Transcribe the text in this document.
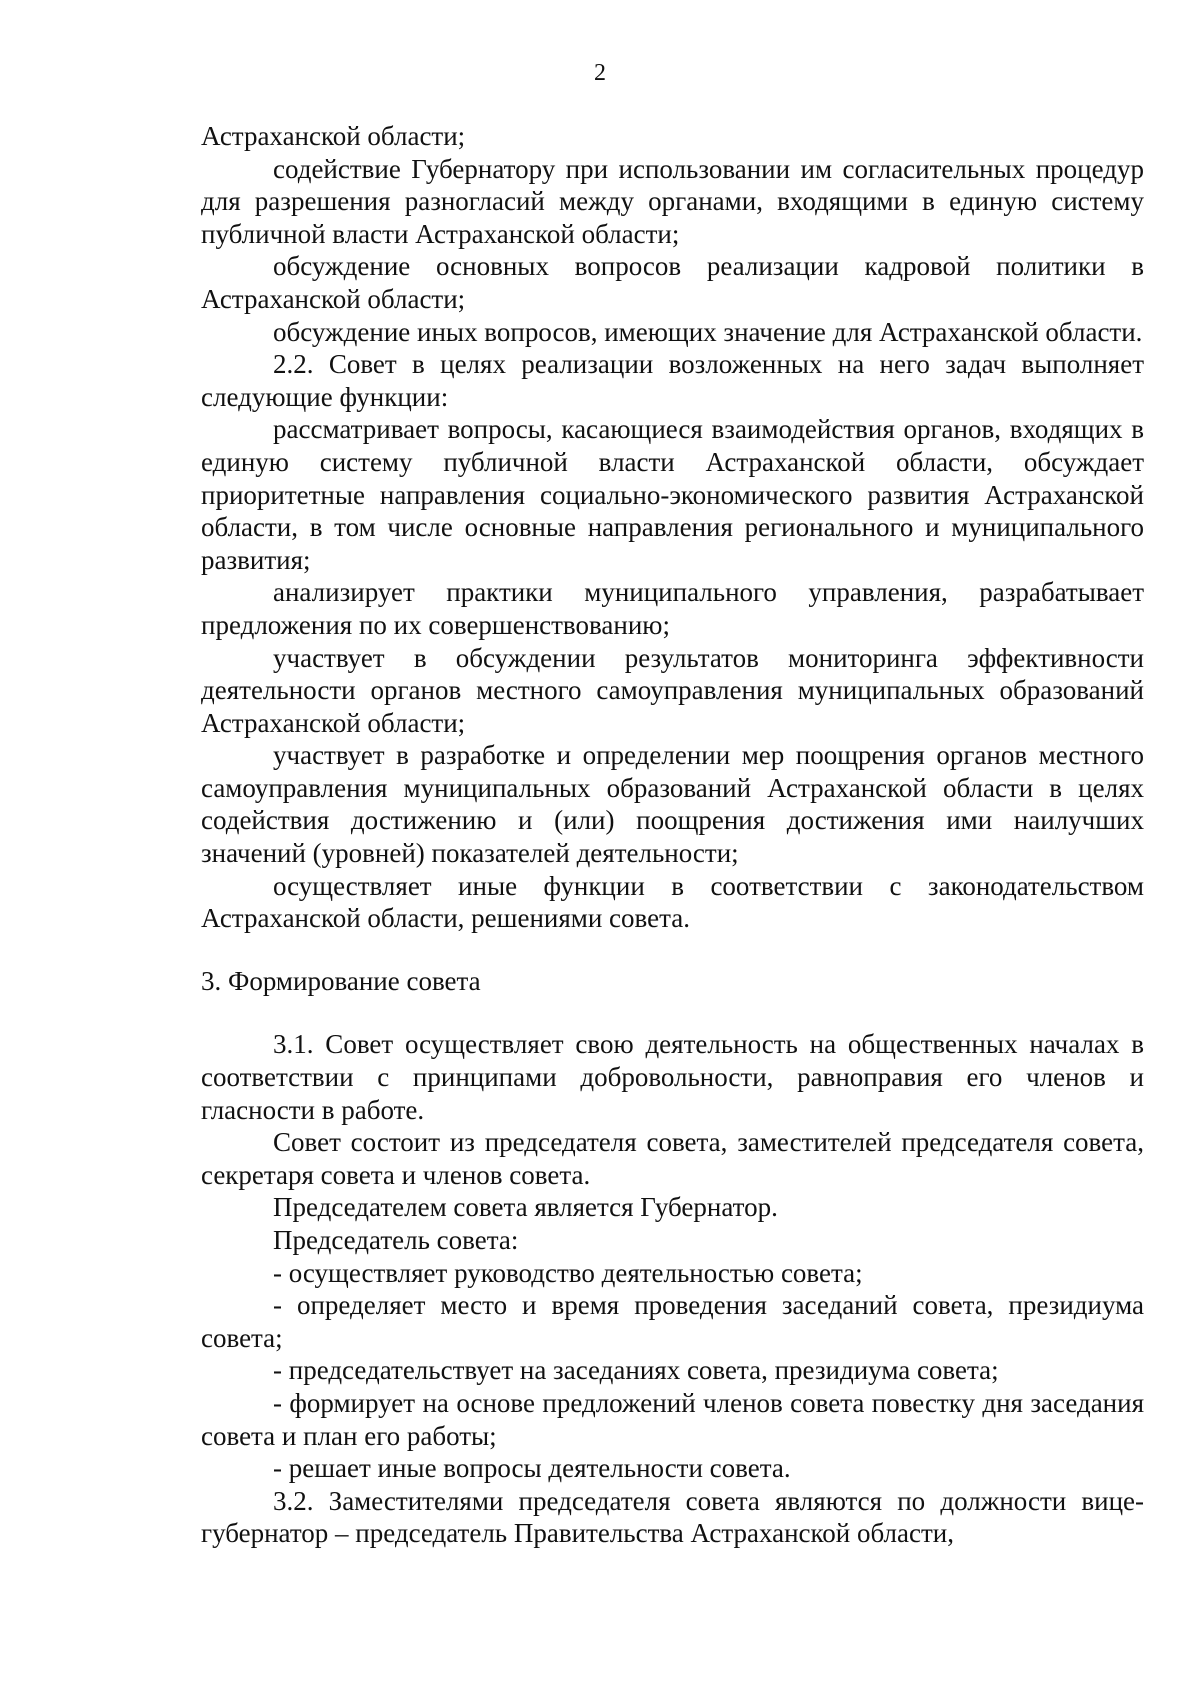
2

Астраханской области;

содействие Губернатору при использовании им согласительных процедур для разрешения разногласий между органами, входящими в единую систему публичной власти Астраханской области;

обсуждение основных вопросов реализации кадровой политики в Астраханской области;

обсуждение иных вопросов, имеющих значение для Астраханской области.

2.2. Совет в целях реализации возложенных на него задач выполняет следующие функции:

рассматривает вопросы, касающиеся взаимодействия органов, входящих в единую систему публичной власти Астраханской области, обсуждает приоритетные направления социально-экономического развития Астраханской области, в том числе основные направления регионального и муниципального развития;

анализирует практики муниципального управления, разрабатывает предложения по их совершенствованию;

участвует в обсуждении результатов мониторинга эффективности деятельности органов местного самоуправления муниципальных образований Астраханской области;

участвует в разработке и определении мер поощрения органов местного самоуправления муниципальных образований Астраханской области в целях содействия достижению и (или) поощрения достижения ими наилучших значений (уровней) показателей деятельности;

осуществляет иные функции в соответствии с законодательством Астраханской области, решениями совета.

3. Формирование совета

3.1. Совет осуществляет свою деятельность на общественных началах в соответствии с принципами добровольности, равноправия его членов и гласности в работе.

Совет состоит из председателя совета, заместителей председателя совета, секретаря совета и членов совета.

Председателем совета является Губернатор.

Председатель совета:

- осуществляет руководство деятельностью совета;

- определяет место и время проведения заседаний совета, президиума совета;

- председательствует на заседаниях совета, президиума совета;

- формирует на основе предложений членов совета повестку дня заседания совета и план его работы;

- решает иные вопросы деятельности совета.

3.2. Заместителями председателя совета являются по должности вице-губернатор – председатель Правительства Астраханской области,
